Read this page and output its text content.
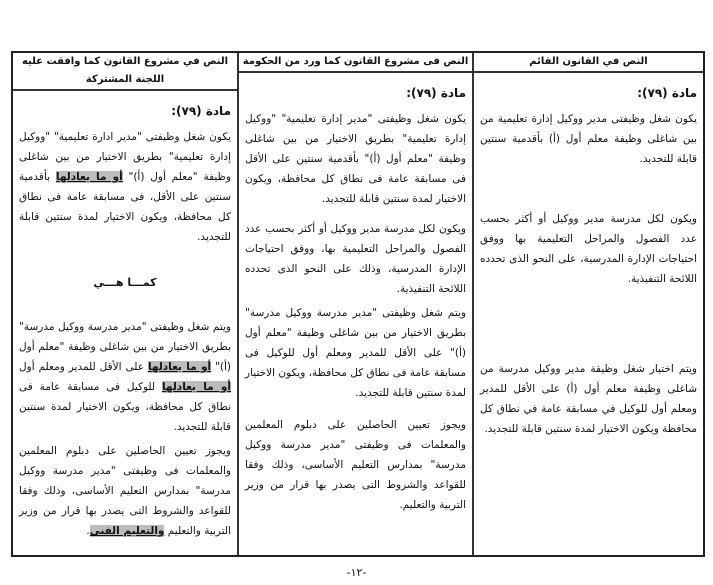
النص في مشروع القانون كما وافقت عليه اللجنة المشتركة
مادة (٧٩):
يكون شغل وظيفتى "مدير ادارة تعليمية" "ووكيل إدارة تعليمية" بطريق الاختيار من بين شاغلى وظيفة "معلم أول (أ)" أو ما يعادلها بأقدمية سنتين على الأقل، فى مسابقة عامة فى نطاق كل محافظة، ويكون الاختيار لمدة سنتين قابلة للتجديد.
كمـــا هـــي
ويتم شغل وظيفتى "مدير مدرسة ووكيل مدرسة" بطريق الاختيار من بين شاغلى وظيفة "معلم أول (أ)" أو ما يعادلها على الأقل للمدير ومعلم أول أو ما يعادلها للوكيل فى مسابقة عامة فى نطاق كل محافظة، ويكون الاختيار لمدة سنتين قابلة للتجديد.
ويجوز تعيين الحاصلين على دبلوم المعلمين والمعلمات فى وظيفتى "مدير مدرسة ووكيل مدرسة" بمدارس التعليم الأساسى، وذلك وفقا للقواعد والشروط التى يصدر بها قرار من وزير التربية والتعليم والتعليم الفنى.
النص فى مشروع القانون كما ورد من الحكومة
مادة (٧٩):
يكون شغل وظيفتى "مدير إدارة تعليمية" "ووكيل إدارة تعليمية" بطريق الاختيار من بين شاغلى وظيفة "معلم أول (أ)" بأقدمية سنتين على الأقل فى مسابقة عامة فى نطاق كل محافظة، ويكون الاختيار لمدة سنتين قابلة للتجديد.
ويكون لكل مدرسة مدير ووكيل أو أكثر بحسب عدد الفصول والمراحل التعليمية بها، ووفق احتياجات الإدارة المدرسية، وذلك على النحو الذى تحدده اللائحة التنفيذية.
ويتم شغل وظيفتى "مدير مدرسة ووكيل مدرسة" بطريق الاختيار من بين شاغلى وظيفة "معلم أول (أ)" على الأقل للمدير ومعلم أول للوكيل فى مسابقة عامة فى نطاق كل محافظة، ويكون الاختيار لمدة سنتين قابلة للتجديد.
ويجوز تعيين الحاصلين على دبلوم المعلمين والمعلمات فى وظيفتى "مدير مدرسة ووكيل مدرسة" بمدارس التعليم الأساسى، وذلك وفقا للقواعد والشروط التى يصدر بها قرار من وزير التربية والتعليم.
النص في القانون القائم
مادة (٧٩):
يكون شغل وظيفتى مدير ووكيل إدارة تعليمية من بين شاغلى وظيفة معلم أول (أ) بأقدمية سنتين قابلة للتجديد.
ويكون لكل مدرسة مدير ووكيل أو أكثر بحسب عدد الفصول والمراحل التعليمية بها ووفق احتياجات الإدارة المدرسية، على النحو الذى تحدده اللائحة التنفيذية.
ويتم اختيار شغل وظيفة مدير ووكيل مدرسة من شاغلى وظيفة معلم أول (أ) على الأقل للمدير ومعلم أول للوكيل في مسابقة عامة في نطاق كل محافظة ويكون الاختيار لمدة سنتين قابلة للتجديد.
-١٢-
